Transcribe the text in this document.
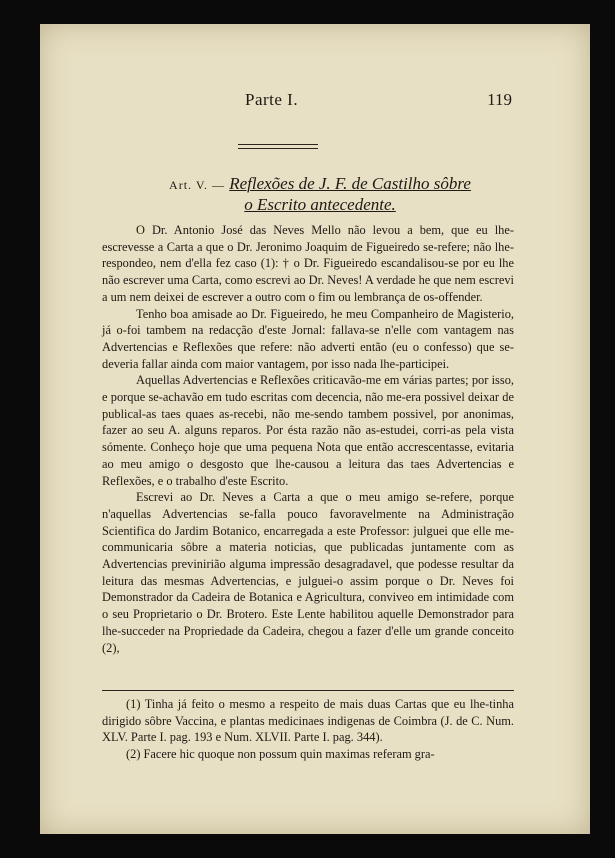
Parte I.	119
Art. V. — Reflexões de J. F. de Castilho sôbre
o Escrito antecedente.

O Dr. Antonio José das Neves Mello não levou a bem, que eu lhe-escrevesse a Carta a que o Dr. Jeronimo Joaquim de Figueiredo se-refere; não lhe-respondeo, nem d'ella fez caso (1): † o Dr. Figueiredo escandalisou-se por eu lhe não escrever uma Carta, como escrevi ao Dr. Neves! A verdade he que nem escrevi a um nem deixei de escrever a outro com o fim ou lembrança de os-offender.

Tenho boa amisade ao Dr. Figueiredo, he meu Companheiro de Magisterio, já o-foi tambem na redacção d'este Jornal: fallava-se n'elle com vantagem nas Advertencias e Reflexões que refere: não adverti então (eu o confesso) que se-deveria fallar ainda com maior vantagem, por isso nada lhe-participei.

Aquellas Advertencias e Reflexões criticavão-me em várias partes; por isso, e porque se-achavão em tudo escritas com decencia, não me-era possivel deixar de publical-as taes quaes as-recebi, não me-sendo tambem possivel, por anonimas, fazer ao seu A. alguns reparos. Por ésta razão não as-estudei, corri-as pela vista sómente. Conheço hoje que uma pequena Nota que então accrescentasse, evitaria ao meu amigo o desgosto que lhe-causou a leitura das taes Advertencias e Reflexões, e o trabalho d'este Escrito.

Escrevi ao Dr. Neves a Carta a que o meu amigo se-refere, porque n'aquellas Advertencias se-falla pouco favoravelmente na Administração Scientifica do Jardim Botanico, encarregada a este Professor: julguei que elle me-communicaria sôbre a materia noticias, que publicadas juntamente com as Advertencias previnirião alguma impressão desagradavel, que podesse resultar da leitura das mesmas Advertencias, e julguei-o assim porque o Dr. Neves foi Demonstrador da Cadeira de Botanica e Agricultura, conviveo em intimidade com o seu Proprietario o Dr. Brotero. Este Lente habilitou aquelle Demonstrador para lhe-succeder na Propriedade da Cadeira, chegou a fazer d'elle um grande conceito (2),

(1) Tinha já feito o mesmo a respeito de mais duas Cartas que eu lhe-tinha dirigido sôbre Vaccina, e plantas medicinaes indigenas de Coimbra (J. de C. Num. XLV. Parte I. pag. 193 e Num. XLVII. Parte I. pag. 344).

(2) Facere hic quoque non possum quin maximas referam gra-
